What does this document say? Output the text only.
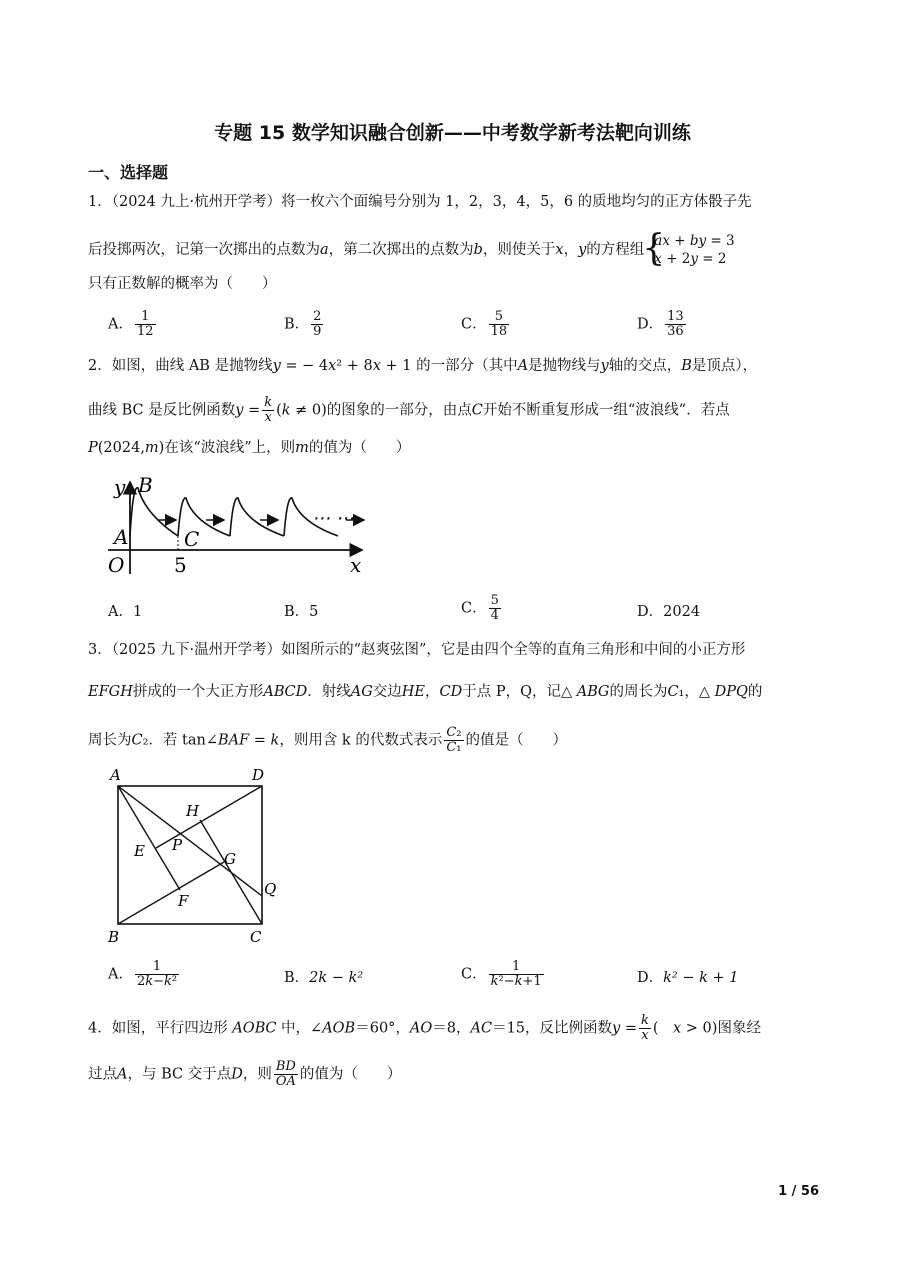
专题 15 数学知识融合创新——中考数学新考法靶向训练
一、选择题
1．（2024 九上·杭州开学考）将一枚六个面编号分别为 1，2，3，4，5，6 的质地均匀的正方体骰子先
后投掷两次，记第一次掷出的点数为𝑎，第二次掷出的点数为𝑏，则使关于𝑥，𝑦的方程组
{ 𝑎𝑥 + 𝑏𝑦 = 3
𝑥 + 2𝑦 = 2
只有正数解的概率为（　　）
A． $\frac{1}{12}$	B． $\frac{2}{9}$	C． $\frac{5}{18}$	D． $\frac{13}{36}$
2．如图，曲线 AB 是抛物线𝑦 = − 4𝑥² + 8𝑥 + 1 的一部分（其中𝐴是抛物线与𝑦轴的交点，𝐵是顶点），
曲线 BC 是反比例函数𝑦 = $\frac{\text{𝑘}}{\text{𝑥}}$ (𝑘 ≠ 0)的图象的一部分，由点𝐶开始不断重复形成一组“波浪线”．若点
𝑃(2024,𝑚)在该“波浪线”上，则𝑚的值为（　　）
⋯ ⋯
y B
A	C
O 5	x
A．1	B．5	C． $\frac{5}{4}$	D．2024
3．（2025 九下·温州开学考）如图所示的“赵爽弦图”，它是由四个全等的直角三角形和中间的小正方形
𝐸𝐹𝐺𝐻拼成的一个大正方形𝐴𝐵𝐶𝐷．射线𝐴𝐺交边𝐻𝐸，𝐶𝐷于点 P，Q，记△ 𝐴𝐵𝐺的周长为𝐶₁，△ 𝐷𝑃𝑄的
周长为𝐶₂．若 tan∠𝐵𝐴𝐹 = 𝑘，则用含 k 的代数式表示 $\frac{\text{𝐶₂}}{\text{𝐶₁}}$ 的值是（　　）
A	D
H
E P
G
Q
F
B	C
A． $\frac{1}{\text{2𝑘−𝑘²}}$	B．2𝑘 − 𝑘²	C． $\frac{1}{\text{𝑘²−𝑘+1}}$	D．𝑘² − 𝑘 + 1
4．如图，平行四边形 𝐴𝑂𝐵𝐶 中，∠𝐴𝑂𝐵＝60°，𝐴𝑂＝8，𝐴𝐶＝15，反比例函数𝑦 = $\frac{\text{𝑘}}{\text{𝑥}}$ (　𝑥 > 0)图象经
过点𝐴，与 BC 交于点𝐷，则 $\frac{\text{𝐵𝐷}}{\text{𝑂𝐴}}$ 的值为（　　）
1 / 56
